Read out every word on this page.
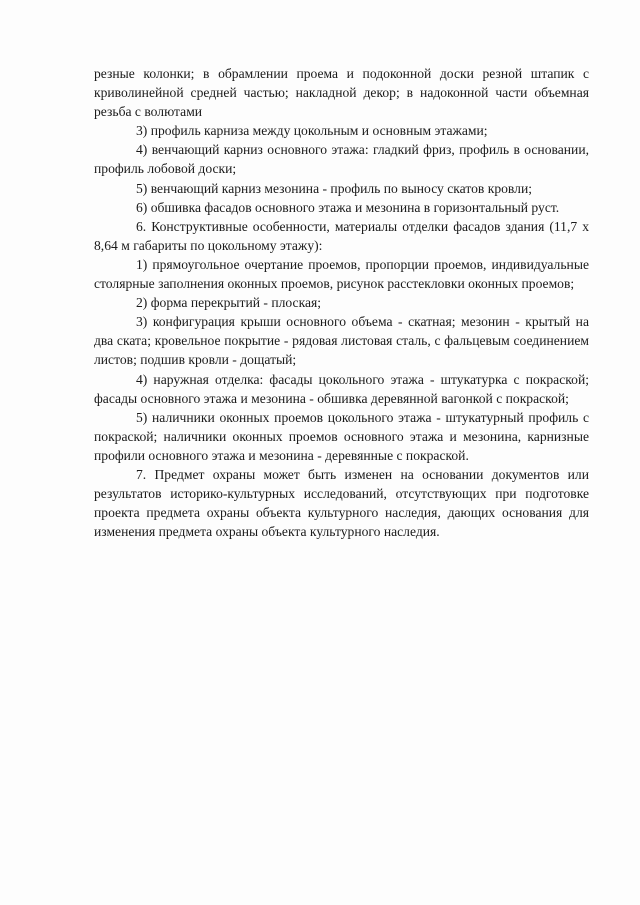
резные колонки; в обрамлении проема и подоконной доски резной штапик с криволинейной средней частью; накладной декор; в надоконной части объемная резьба с волютами

3) профиль карниза между цокольным и основным этажами;

4) венчающий карниз основного этажа: гладкий фриз, профиль в основании, профиль лобовой доски;

5) венчающий карниз мезонина - профиль по выносу скатов кровли;

6) обшивка фасадов основного этажа и мезонина в горизонтальный руст.

6. Конструктивные особенности, материалы отделки фасадов здания (11,7 х 8,64 м габариты по цокольному этажу):

1) прямоугольное очертание проемов, пропорции проемов, индивидуальные столярные заполнения оконных проемов, рисунок расстекловки оконных проемов;

2) форма перекрытий - плоская;

3) конфигурация крыши основного объема - скатная; мезонин - крытый на два ската; кровельное покрытие - рядовая листовая сталь, с фальцевым соединением листов; подшив кровли - дощатый;

4) наружная отделка: фасады цокольного этажа - штукатурка с покраской; фасады основного этажа и мезонина - обшивка деревянной вагонкой с покраской;

5) наличники оконных проемов цокольного этажа - штукатурный профиль с покраской; наличники оконных проемов основного этажа и мезонина, карнизные профили основного этажа и мезонина - деревянные с покраской.

7. Предмет охраны может быть изменен на основании документов или результатов историко-культурных исследований, отсутствующих при подготовке проекта предмета охраны объекта культурного наследия, дающих основания для изменения предмета охраны объекта культурного наследия.
